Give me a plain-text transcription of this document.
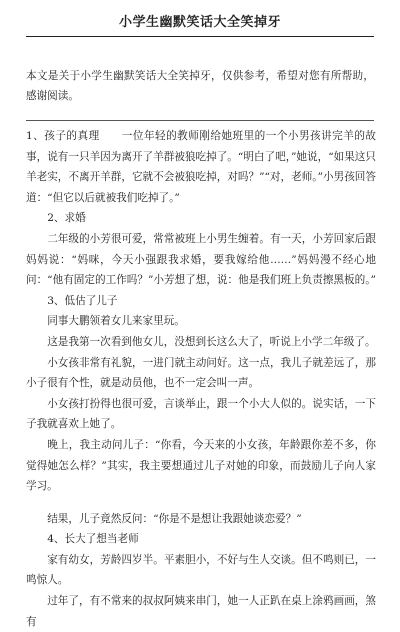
小学生幽默笑话大全笑掉牙
本文是关于小学生幽默笑话大全笑掉牙，仅供参考，希望对您有所帮助，感谢阅读。

1、孩子的真理　　一位年轻的教师刚给她班里的一个小男孩讲完羊的故事，说有一只羊因为离开了羊群被狼吃掉了。“明白了吧，”她说，“如果这只羊老实，不离开羊群，它就不会被狼吃掉，对吗？”“对，老师。”小男孩回答道：“但它以后就被我们吃掉了。”

2、求婚

二年级的小芳很可爱，常常被班上小男生缠着。有一天，小芳回家后跟妈妈说：“妈咪，今天小强跟我求婚，要我嫁给他……”妈妈漫不经心地问：“他有固定的工作吗？”小芳想了想，说：他是我们班上负责擦黑板的。”

3、低估了儿子

同事大鹏领着女儿来家里玩。

这是我第一次看到他女儿，没想到长这么大了，听说上小学二年级了。

小女孩非常有礼貌，一进门就主动问好。这一点，我儿子就差远了，那小子很有个性，就是动员他，也不一定会叫一声。

小女孩打扮得也很可爱，言谈举止，跟一个小大人似的。说实话，一下子我就喜欢上她了。

晚上，我主动问儿子：“你看，今天来的小女孩，年龄跟你差不多，你觉得她怎么样？”其实，我主要想通过儿子对她的印象，而鼓励儿子向人家学习。

结果，儿子竟然反问：“你是不是想让我跟她谈恋爱？”

4、长大了想当老师

家有幼女，芳龄四岁半。平素胆小，不好与生人交谈。但不鸣则已，一鸣惊人。

过年了，有不常来的叔叔阿姨来串门，她一人正趴在桌上涂鸦画画，煞有
